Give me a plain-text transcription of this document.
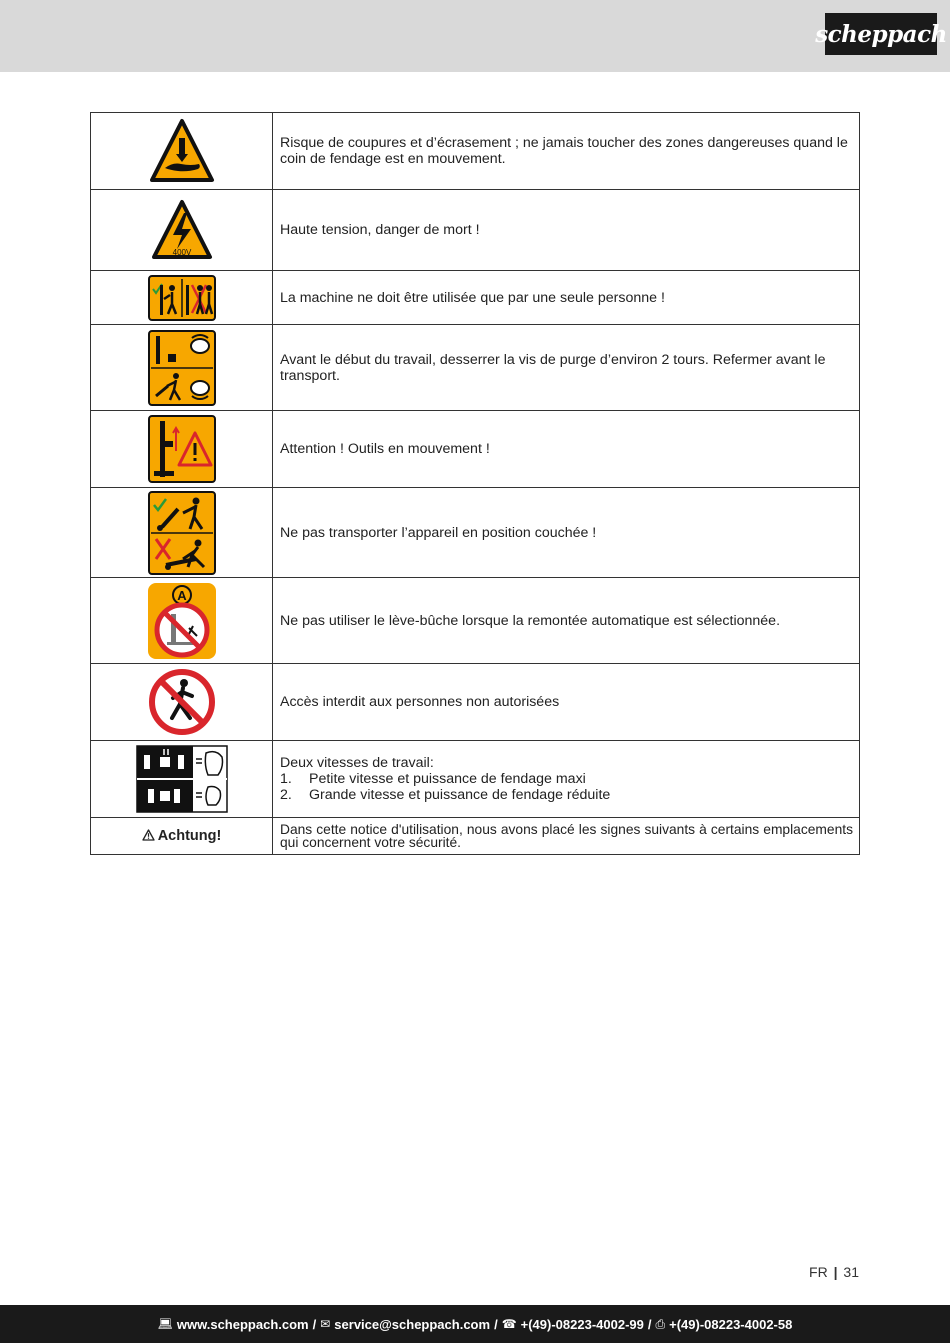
scheppach
	Risque de coupures et d’écrasement ; ne jamais toucher des zones dangereuses quand le coin de fendage est en mouvement.

400V	Haute tension, danger de mort !
	La machine ne doit être utilisée que par une seule personne !
	Avant le début du travail, desserrer la vis de purge d’environ 2 tours. Refermer avant le transport.
	Attention ! Outils en mouvement !
	Ne pas transporter l’appareil en position couchée !

A	Ne pas utiliser le lève-bûche lorsque la remontée automatique est sélectionnée.
	Accès interdit aux personnes non autorisées

Deux vitesses de travail:
1. Petite vitesse et puissance de fendage maxi
2. Grande vitesse et puissance de fendage réduite

Achtung!	Dans cette notice d'utilisation, nous avons placé les signes suivants à certains emplacements qui concernent votre sécurité.
FR | 31
💻︎ www.scheppach.com / ✉ service@scheppach.com / ☎ +(49)-08223-4002-99 / ⎙ +(49)-08223-4002-58
